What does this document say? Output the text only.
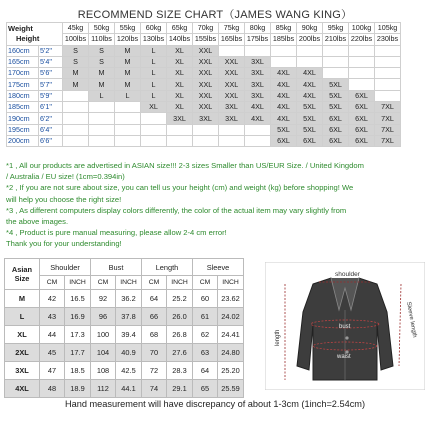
RECOMMEND SIZE CHART（JAMES WANG KING）
Weight
Height		45kg	50kg	55kg	60kg	65kg	70kg	75kg	80kg	85kg	90kg	95kg	100kg	105kg
		100lbs	110lbs	120lbs	130lbs	140lbs	155lbs	165lbs	175lbs	185lbs	200lbs	210lbs	220lbs	230lbs
160cm	5'2"	S	S	M	L	XL	XXL							
165cm	5'4"	S	S	M	L	XL	XXL	XXL	3XL					
170cm	5'6"	M	M	M	L	XL	XXL	XXL	3XL	4XL	4XL			
175cm	5'7"	M	M	M	L	XL	XXL	XXL	3XL	4XL	4XL	5XL		
180cm	5'9"		L	L	L	XL	XXL	XXL	3XL	4XL	4XL	5XL	6XL	
185cm	6'1"				XL	XL	XXL	3XL	4XL	4XL	5XL	5XL	6XL	7XL
190cm	6'2"					3XL	3XL	3XL	4XL	4XL	5XL	6XL	6XL	7XL
195cm	6'4"									5XL	5XL	6XL	6XL	7XL
200cm	6'6"									6XL	6XL	6XL	6XL	7XL
*1 , All our products are advertised in ASIAN size!!! 2-3 sizes Smaller than US/EUR Size. / United Kingdom
/ Australia / EU size! (1cm=0.394in)
*2 , If you are not sure about size, you can tell us your height (cm) and weight (kg) before shopping! We
will help you choose the right size!
*3 , As different computers display colors differently, the color of the actual item may vary slightly from
the above images.
*4 , Product is pure manual measuring, please allow 2-4 cm error!
Thank you for your understanding!
Asian
Size	Shoulder		Bust		Length		Sleeve	
	CM	INCH	CM	INCH	CM	INCH	CM	INCH
M	42	16.5	92	36.2	64	25.2	60	23.62
L	43	16.9	96	37.8	66	26.0	61	24.02
XL	44	17.3	100	39.4	68	26.8	62	24.41
2XL	45	17.7	104	40.9	70	27.6	63	24.80
3XL	47	18.5	108	42.5	72	28.3	64	25.20
4XL	48	18.9	112	44.1	74	29.1	65	25.59
shoulder
bust
waist
length	Sleeve length
Hand measurement will have discrepancy of about 1-3cm (1inch=2.54cm)
